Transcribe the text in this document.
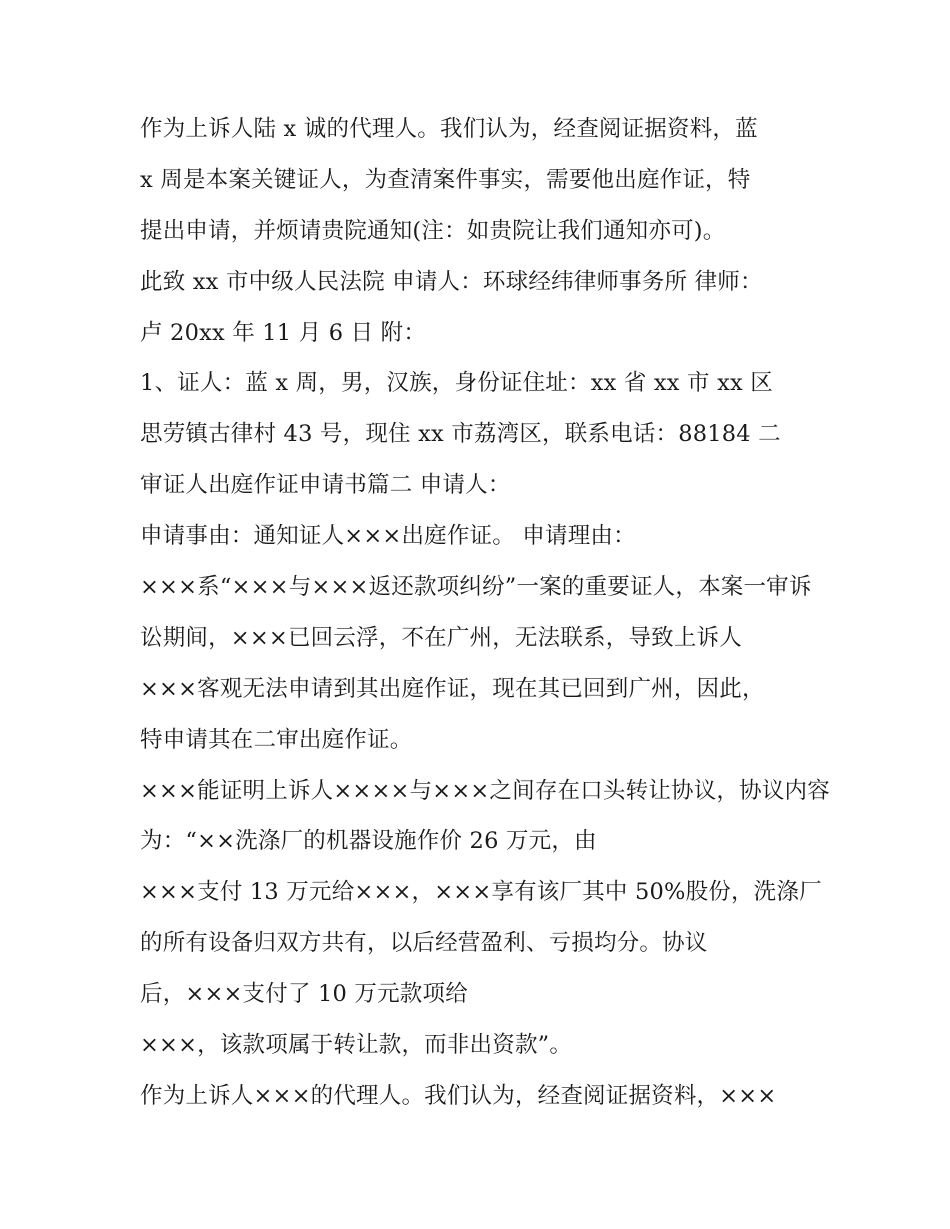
作为上诉人陆 x 诚的代理人。我们认为，经查阅证据资料，蓝
x 周是本案关键证人，为查清案件事实，需要他出庭作证，特
提出申请，并烦请贵院通知(注：如贵院让我们通知亦可)。
此致 xx 市中级人民法院 申请人：环球经纬律师事务所 律师：
卢 20xx 年 11 月 6 日 附：
1、证人：蓝 x 周，男，汉族，身份证住址：xx 省 xx 市 xx 区
思劳镇古律村 43 号，现住 xx 市荔湾区，联系电话：88184 二
审证人出庭作证申请书篇二 申请人：
申请事由：通知证人×××出庭作证。 申请理由：
×××系“×××与×××返还款项纠纷”一案的重要证人，本案一审诉
讼期间，×××已回云浮，不在广州，无法联系，导致上诉人
×××客观无法申请到其出庭作证，现在其已回到广州，因此，
特申请其在二审出庭作证。
×××能证明上诉人××××与×××之间存在口头转让协议，协议内容
为：“××洗涤厂的机器设施作价 26 万元，由
×××支付 13 万元给×××，×××享有该厂其中 50%股份，洗涤厂
的所有设备归双方共有，以后经营盈利、亏损均分。协议
后，×××支付了 10 万元款项给
×××，该款项属于转让款，而非出资款”。
作为上诉人×××的代理人。我们认为，经查阅证据资料，×××
